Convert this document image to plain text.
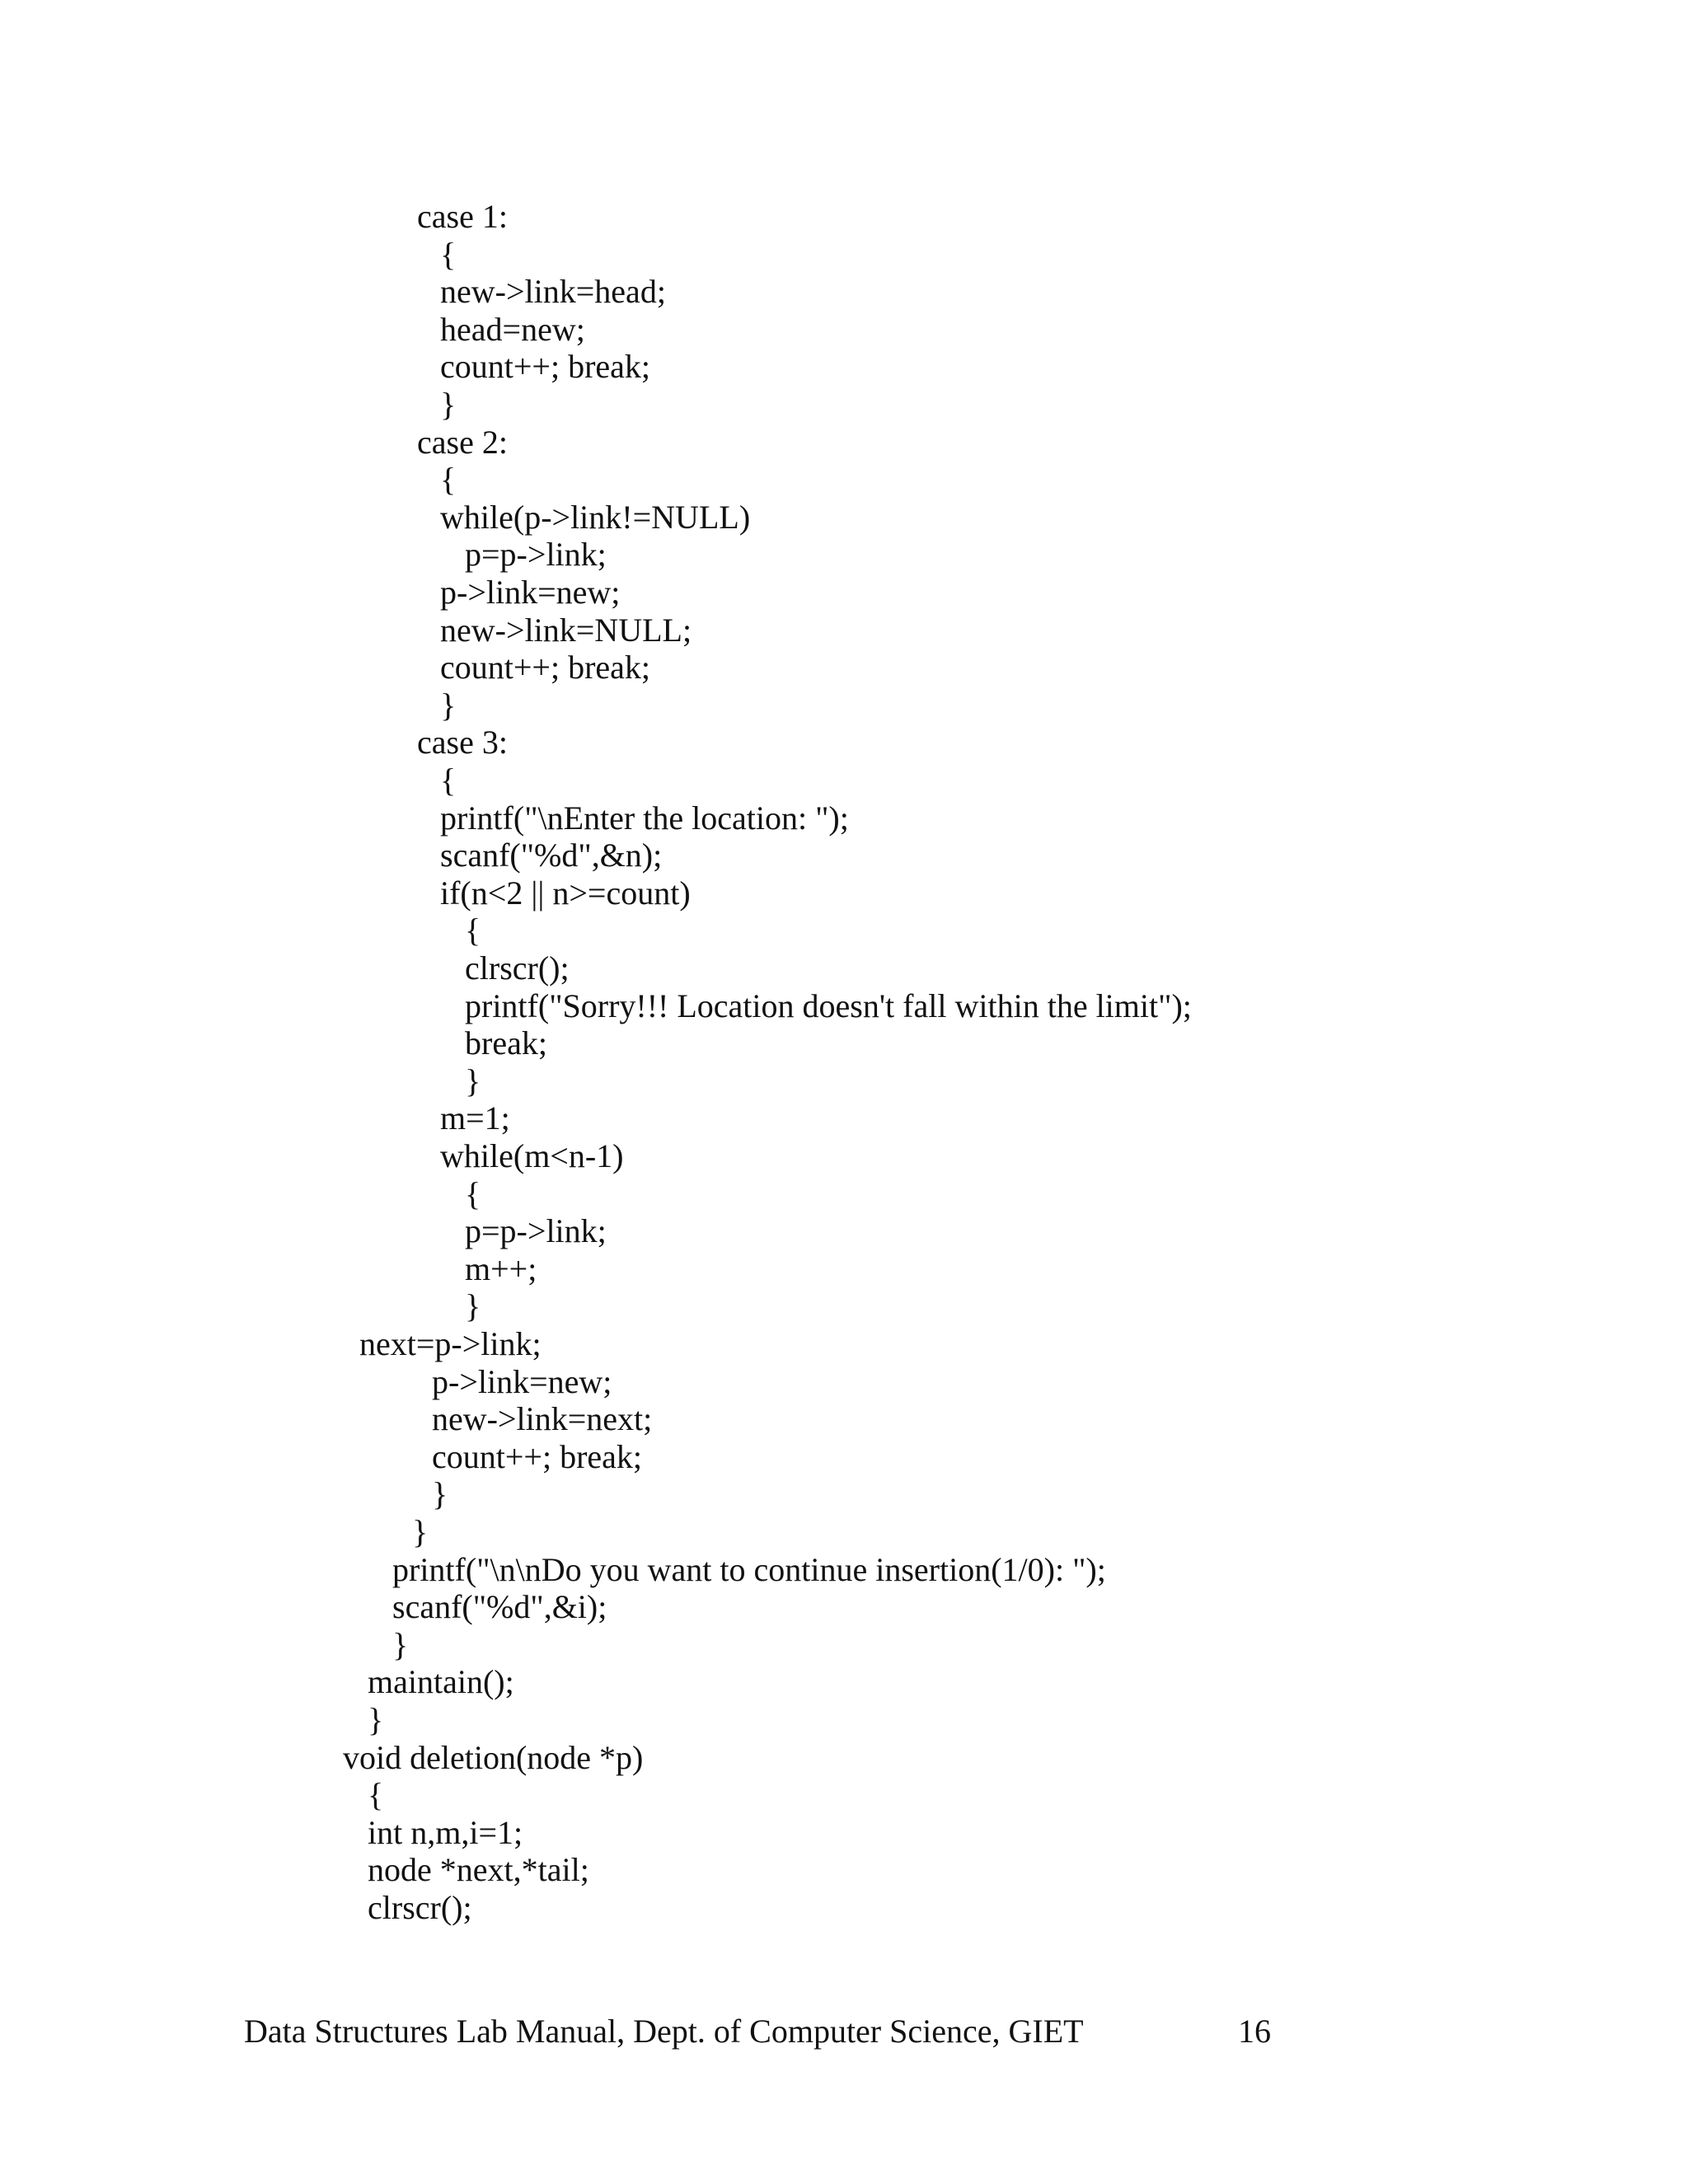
case 1:
{
new->link=head;
head=new;
count++; break;
}
case 2:
{
while(p->link!=NULL)
p=p->link;
p->link=new;
new->link=NULL;
count++; break;
}
case 3:
{
printf("\nEnter the location: ");
scanf("%d",&n);
if(n<2 || n>=count)
{
clrscr();
printf("Sorry!!! Location doesn't fall within the limit");
break;
}
m=1;
while(m<n-1)
{
p=p->link;
m++;
}
next=p->link;
p->link=new;
new->link=next;
count++; break;
}
}
printf("\n\nDo you want to continue insertion(1/0): ");
scanf("%d",&i);
}
maintain();
}
void deletion(node *p)
{
int n,m,i=1;
node *next,*tail;
clrscr();
Data Structures Lab Manual, Dept. of Computer Science, GIET	16
